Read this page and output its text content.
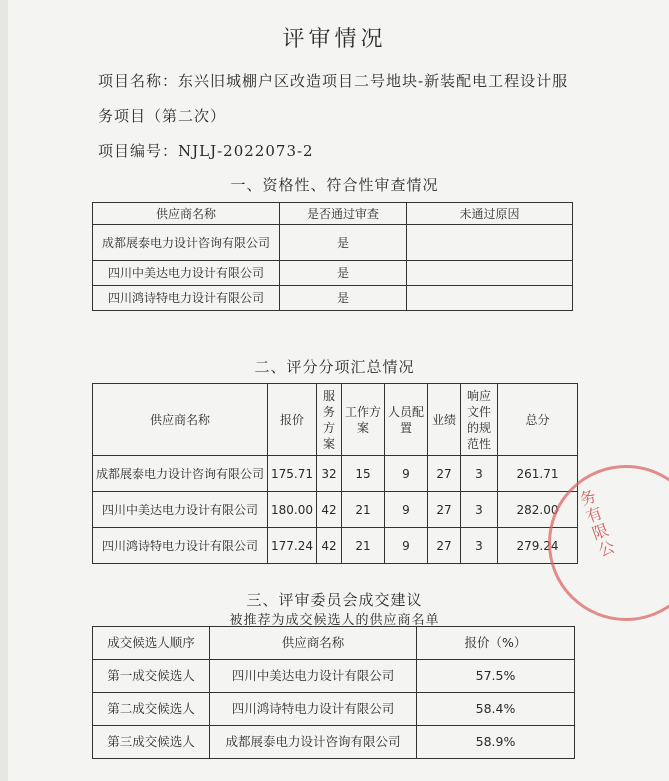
评审情况
项目名称：东兴旧城棚户区改造项目二号地块-新装配电工程设计服
务项目（第二次）
项目编号：NJLJ-2022073-2
一、资格性、符合性审查情况
供应商名称	是否通过审查	未通过原因
成都展泰电力设计咨询有限公司	是	
四川中美达电力设计有限公司	是	
四川鸿诗特电力设计有限公司	是	
二、评分分项汇总情况
供应商名称	报价	服务方案	工作方案	人员配置	业绩	响应文件的规范性	总分
成都展泰电力设计咨询有限公司	175.71	32	15	9	27	3	261.71
四川中美达电力设计有限公司	180.00	42	21	9	27	3	282.00
四川鸿诗特电力设计有限公司	177.24	42	21	9	27	3	279.24 务有限公
三、评审委员会成交建议
被推荐为成交候选人的供应商名单
成交候选人顺序	供应商名称	报价（%）
第一成交候选人	四川中美达电力设计有限公司	57.5%
第二成交候选人	四川鸿诗特电力设计有限公司	58.4%
第三成交候选人	成都展泰电力设计咨询有限公司	58.9%
